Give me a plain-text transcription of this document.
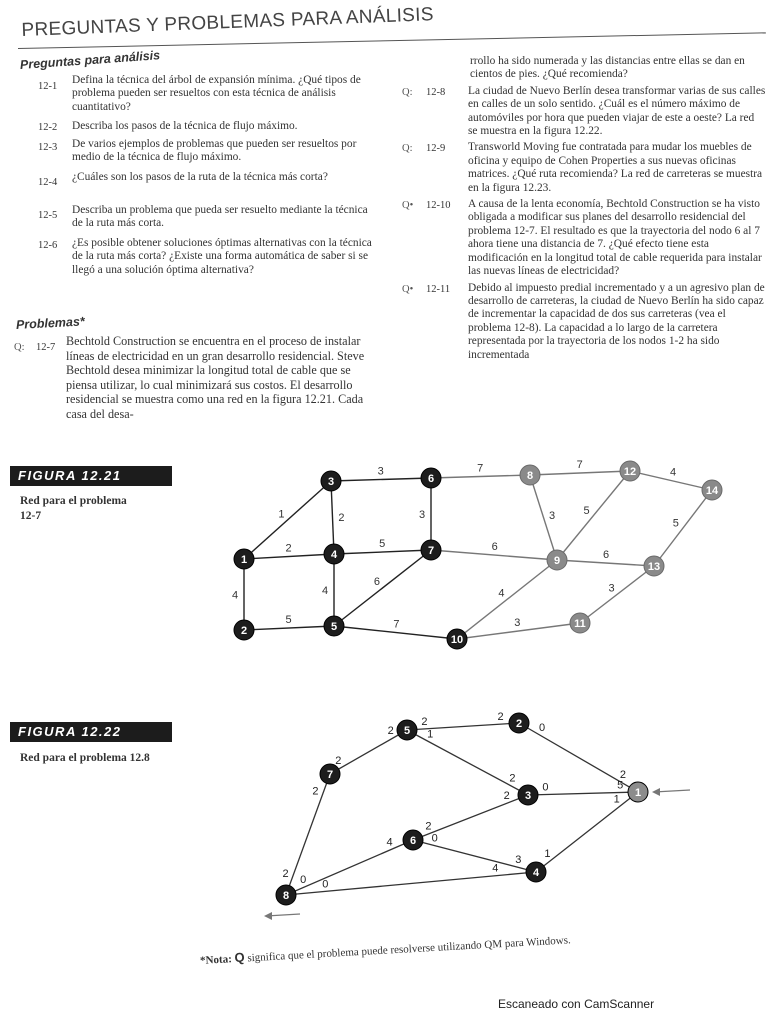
PREGUNTAS Y PROBLEMAS PARA ANÁLISIS
Preguntas para análisis
12-1
Defina la técnica del árbol de expansión mínima. ¿Qué tipos de problema pueden ser resueltos con esta técnica de análisis cuantitativo?
12-2 Describa los pasos de la técnica de flujo máximo.
12-3 De varios ejemplos de problemas que pueden ser resueltos por medio de la técnica de flujo máximo.
12-4 ¿Cuáles son los pasos de la ruta de la técnica más corta?
12-5 Describa un problema que pueda ser resuelto mediante la técnica de la ruta más corta.
12-6 ¿Es posible obtener soluciones óptimas alternativas con la técnica de la ruta más corta? ¿Existe una forma automática de saber si se llegó a una solución óptima alternativa?
Problemas*
Q: 12-7 Bechtold Construction se encuentra en el proceso de instalar líneas de electricidad en un gran desarrollo residencial. Steve Bechtold desea minimizar la longitud total de cable que se piensa utilizar, lo cual minimizará sus costos. El desarrollo residencial se muestra como una red en la figura 12.21. Cada casa del desa-
rrollo ha sido numerada y las distancias entre ellas se dan en cientos de pies. ¿Qué recomienda?
Q: 12-8 La ciudad de Nuevo Berlín desea transformar varias de sus calles en calles de un solo sentido. ¿Cuál es el número máximo de automóviles por hora que pueden viajar de este a oeste? La red se muestra en la figura 12.22.
Q: 12-9 Transworld Moving fue contratada para mudar los muebles de oficina y equipo de Cohen Properties a sus nuevas oficinas matrices. ¿Qué ruta recomienda? La red de carreteras se muestra en la figura 12.23.
Q• 12-10 A causa de la lenta economía, Bechtold Construction se ha visto obligada a modificar sus planes del desarrollo residencial del problema 12-7. El resultado es que la trayectoria del nodo 6 al 7 ahora tiene una distancia de 7. ¿Qué efecto tiene esta modificación en la longitud total de cable requerida para instalar las nuevas líneas de electricidad?
Q• 12-11 Debido al impuesto predial incrementado y a un agresivo plan de desarrollo de carreteras, la ciudad de Nuevo Berlín ha sido capaz de incrementar la capacidad de dos sus carreteras (vea el problema 12-8). La capacidad a lo largo de la carretera representada por la trayectoria de los nodos 1-2 ha sido incrementada
FIGURA 12.21
Red para el problema
12-7	1
2
4
5
3
2
5
4
6
7
3
7
6
3
7
5
6
4
3
3
4
5
1
2
3
4
5
6
7
8
9
10
11
12
13
14
FIGURA 12.22
Red para el problema 12.8
2	2
0
2
2
2
1
2
0	5
2
2
2
2
0
3
0
4
0
4
1
1
1
2
3
4
5
6
7
8
*Nota: Q significa que el problema puede resolverse utilizando QM para Windows.
Escaneado con CamScanner
